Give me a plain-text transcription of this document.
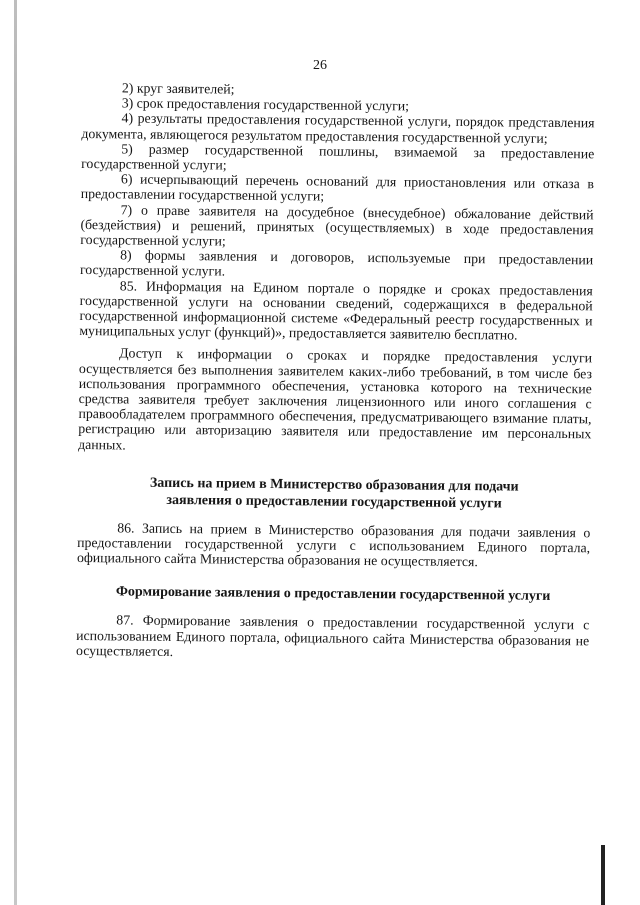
26

2) круг заявителей;

3) срок предоставления государственной услуги;

4) результаты предоставления государственной услуги, порядок представления документа, являющегося результатом предоставления государственной услуги;

5) размер государственной пошлины, взимаемой за предоставление государственной услуги;

6) исчерпывающий перечень оснований для приостановления или отказа в предоставлении государственной услуги;

7) о праве заявителя на досудебное (внесудебное) обжалование действий (бездействия) и решений, принятых (осуществляемых) в ходе предоставления государственной услуги;

8) формы заявления и договоров, используемые при предоставлении государственной услуги.

85. Информация на Едином портале о порядке и сроках предоставления государственной услуги на основании сведений, содержащихся в федеральной государственной информационной системе «Федеральный реестр государственных и муниципальных услуг (функций)», предоставляется заявителю бесплатно.

Доступ к информации о сроках и порядке предоставления услуги осуществляется без выполнения заявителем каких-либо требований, в том числе без использования программного обеспечения, установка которого на технические средства заявителя требует заключения лицензионного или иного соглашения с правообладателем программного обеспечения, предусматривающего взимание платы, регистрацию или авторизацию заявителя или предоставление им персональных данных.

Запись на прием в Министерство образования для подачи
заявления о предоставлении государственной услуги

86. Запись на прием в Министерство образования для подачи заявления о предоставлении государственной услуги с использованием Единого портала, официального сайта Министерства образования не осуществляется.

Формирование заявления о предоставлении государственной услуги

87. Формирование заявления о предоставлении государственной услуги с использованием Единого портала, официального сайта Министерства образования не осуществляется.
